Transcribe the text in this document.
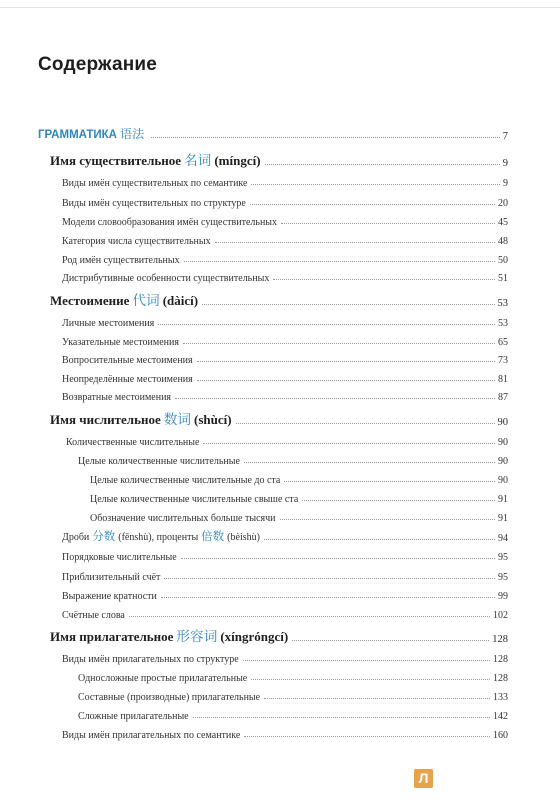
Содержание
ГРАММАТИКА 语法	7
Имя существительное 名词 (míngcí)	9
Виды имён существительных по семантике	9
Виды имён существительных по структуре	20
Модели словообразования имён существительных	45
Категория числа существительных	48
Род имён существительных	50
Дистрибутивные особенности существительных	51
Местоимение 代词 (dàicí)	53
Личные местоимения	53
Указательные местоимения	65
Вопросительные местоимения	73
Неопределённые местоимения	81
Возвратные местоимения	87
Имя числительное 数词 (shùcí)	90
Количественные числительные	90
Целые количественные числительные	90
Целые количественные числительные до ста	90
Целые количественные числительные свыше ста	91
Обозначение числительных больше тысячи	91
Дроби 分数 (fēnshù), проценты 倍数 (bèishù)	94
Порядковые числительные	95
Приблизительный счёт	95
Выражение кратности	99
Счётные слова	102
Имя прилагательное 形容词 (xíngróngcí)	128
Виды имён прилагательных по структуре	128
Односложные простые прилагательные	128
Составные (производные) прилагательные	133
Сложные прилагательные	142
Виды имён прилагательных по семантике	160
Л
